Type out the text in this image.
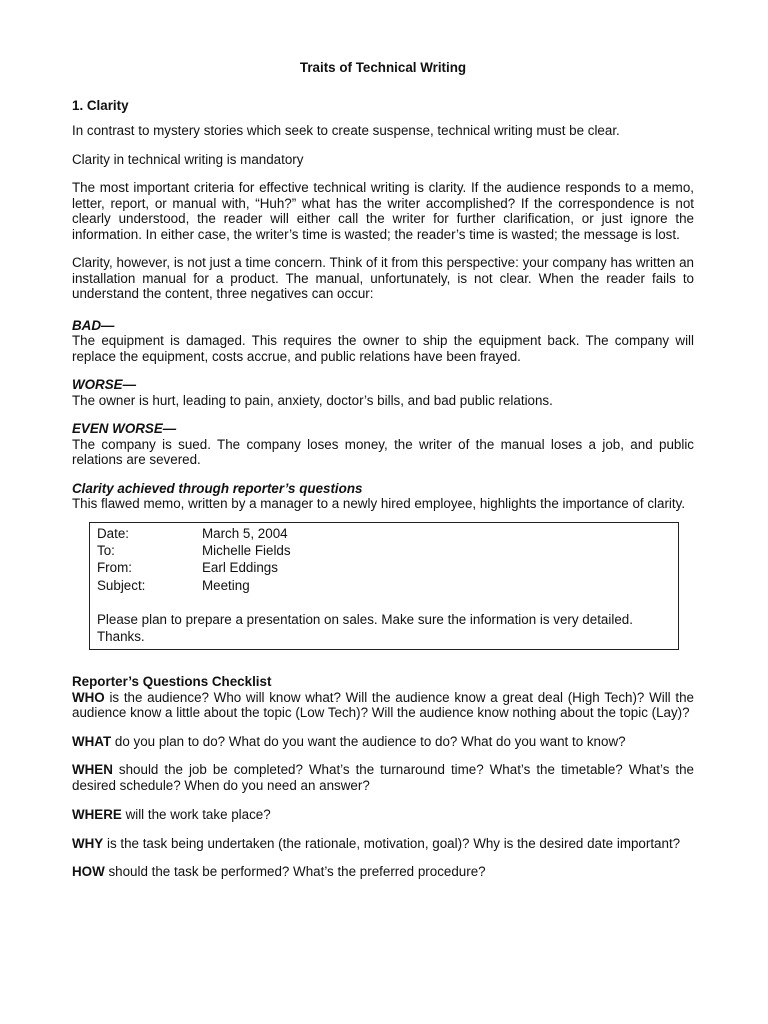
Traits of Technical Writing
1. Clarity

In contrast to mystery stories which seek to create suspense, technical writing must be clear.

Clarity in technical writing is mandatory

The most important criteria for effective technical writing is clarity. If the audience responds to a memo, letter, report, or manual with, “Huh?” what has the writer accomplished? If the correspondence is not clearly understood, the reader will either call the writer for further clarification, or just ignore the information. In either case, the writer’s time is wasted; the reader’s time is wasted; the message is lost.

Clarity, however, is not just a time concern. Think of it from this perspective: your company has written an installation manual for a product. The manual, unfortunately, is not clear. When the reader fails to understand the content, three negatives can occur:

BAD—

The equipment is damaged. This requires the owner to ship the equipment back. The company will replace the equipment, costs accrue, and public relations have been frayed.

WORSE—

The owner is hurt, leading to pain, anxiety, doctor’s bills, and bad public relations.

EVEN WORSE—

The company is sued. The company loses money, the writer of the manual loses a job, and public relations are severed.

Clarity achieved through reporter’s questions

This flawed memo, written by a manager to a newly hired employee, highlights the importance of clarity.

Date:	March 5, 2004
To:	Michelle Fields
From:	Earl Eddings
Subject:	Meeting
Please plan to prepare a presentation on sales. Make sure the information is very detailed.
Thanks.
Reporter’s Questions Checklist

WHO is the audience? Who will know what? Will the audience know a great deal (High Tech)? Will the audience know a little about the topic (Low Tech)? Will the audience know nothing about the topic (Lay)?

WHAT do you plan to do? What do you want the audience to do? What do you want to know?

WHEN should the job be completed? What’s the turnaround time? What’s the timetable? What’s the desired schedule? When do you need an answer?

WHERE will the work take place?

WHY is the task being undertaken (the rationale, motivation, goal)? Why is the desired date important?

HOW should the task be performed? What’s the preferred procedure?
